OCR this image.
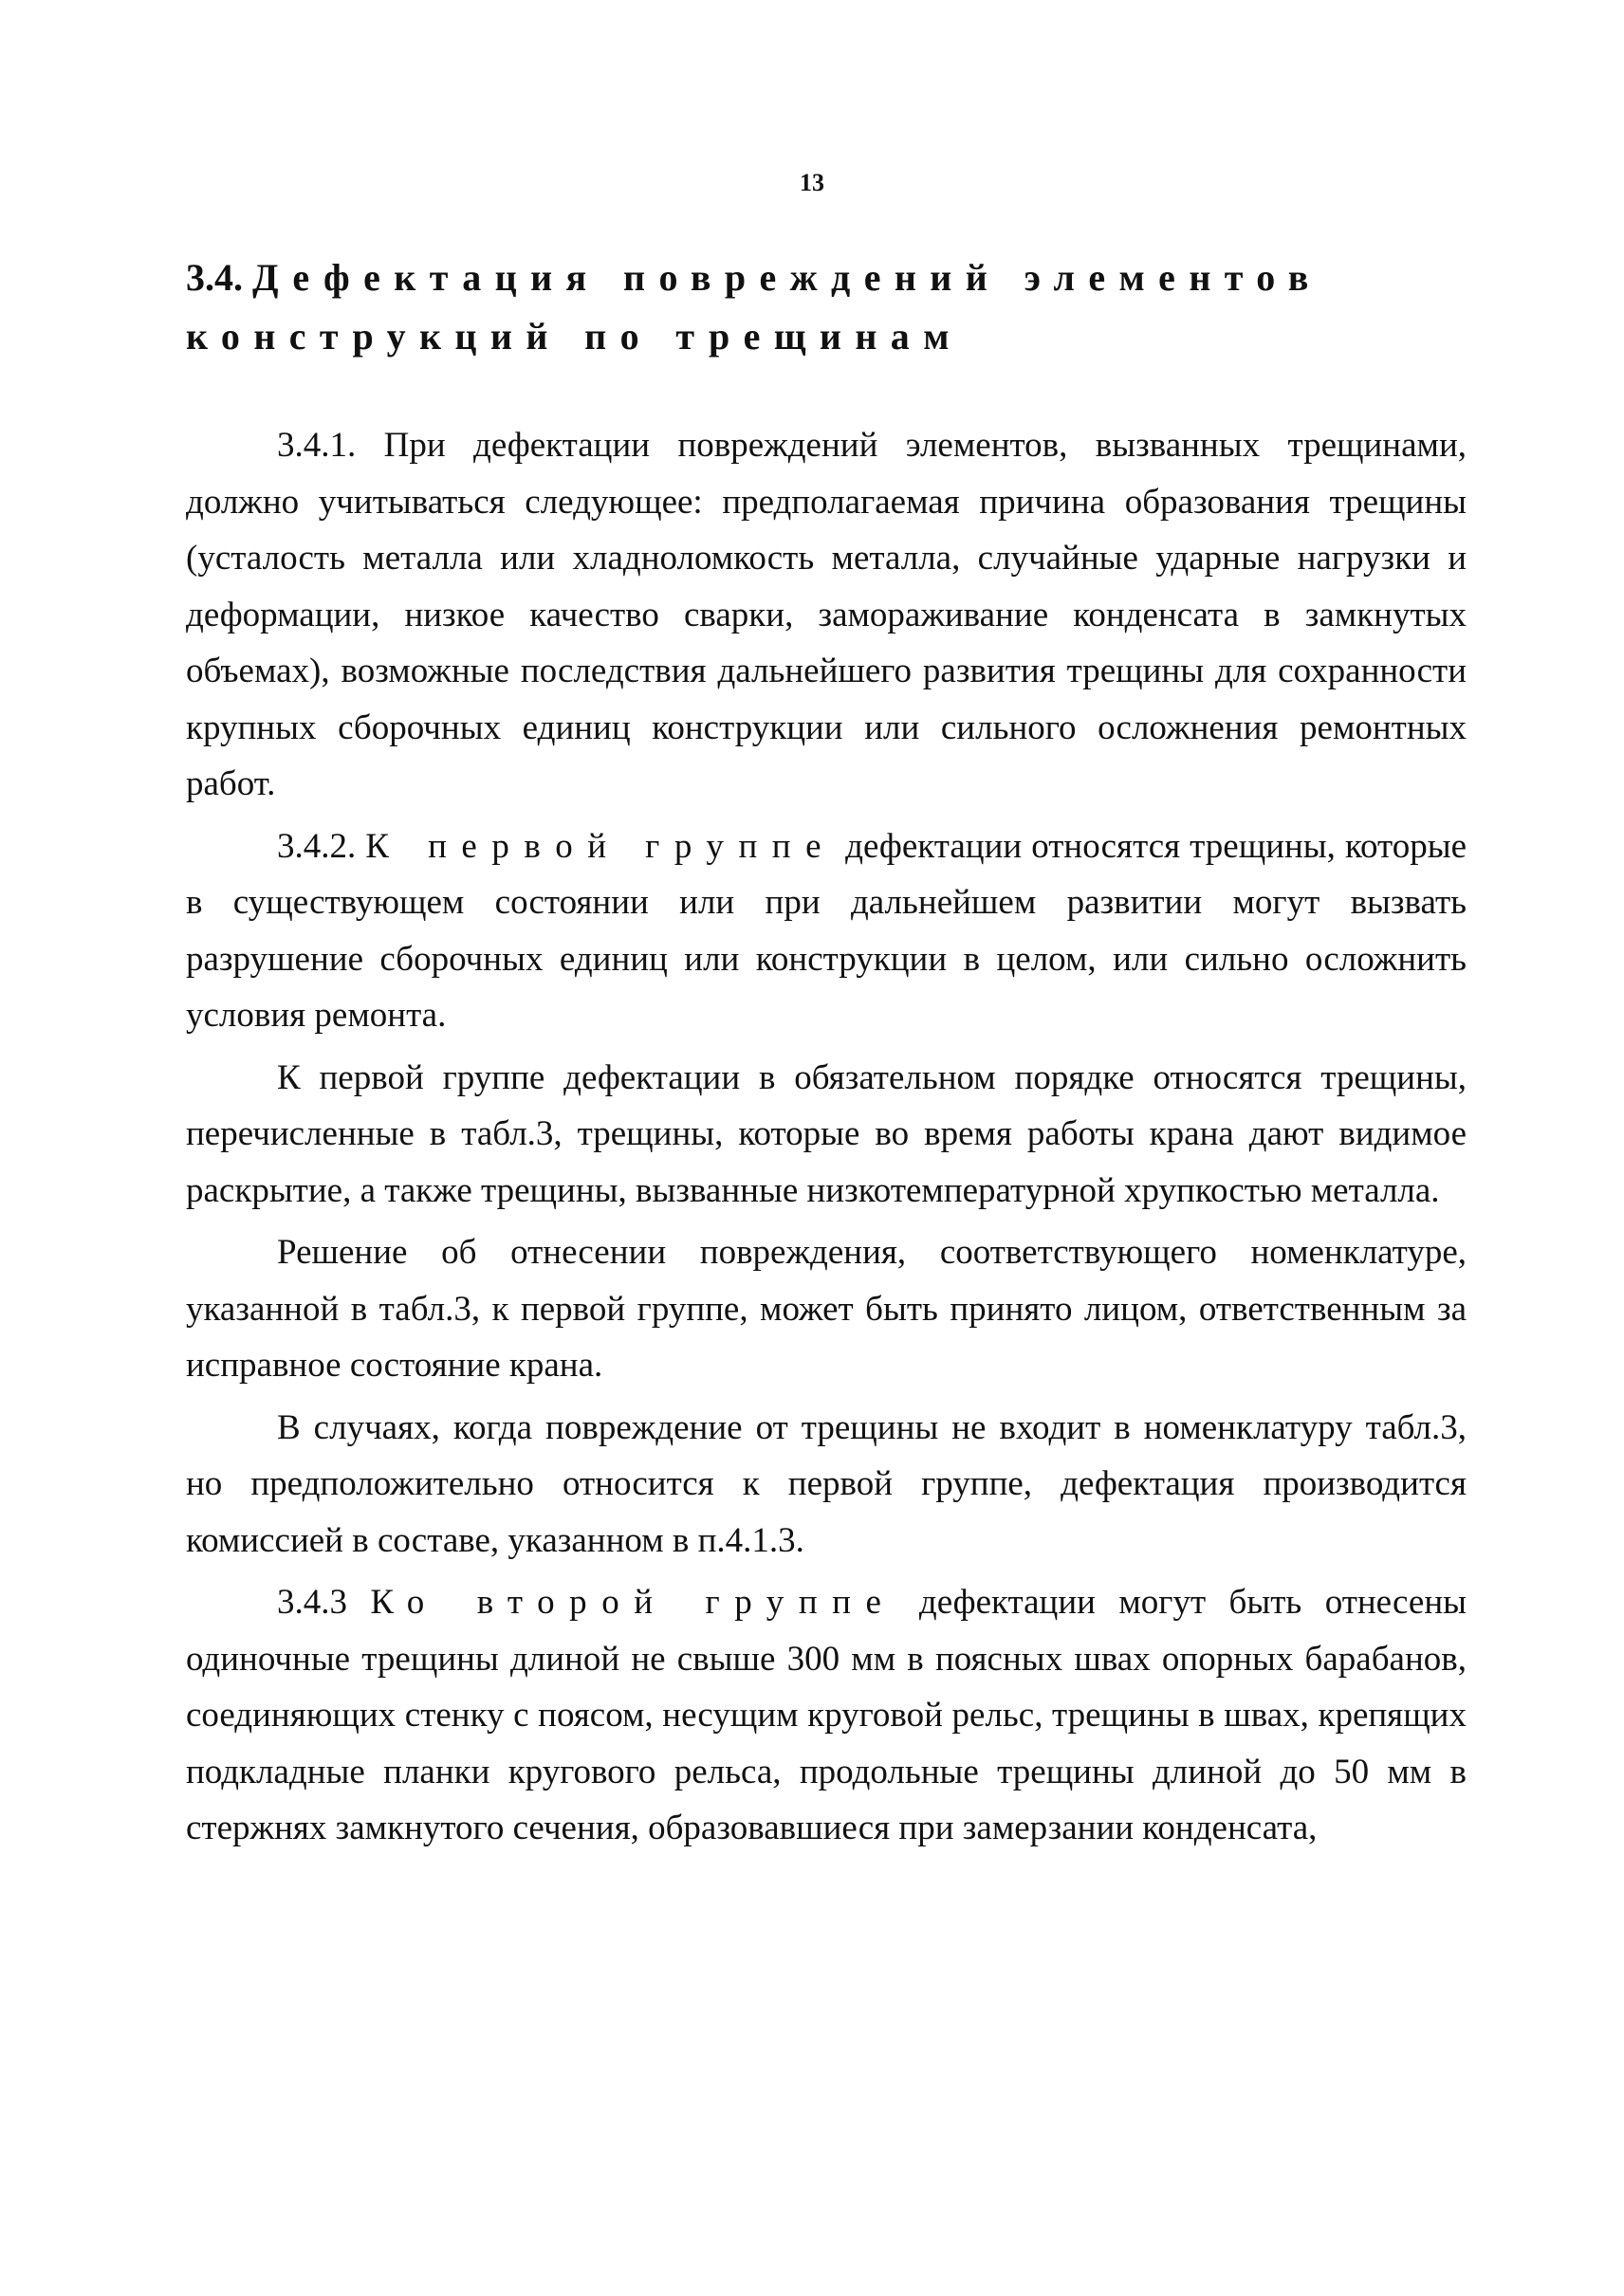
13
3.4. Дефектация повреждений элементов конструкций по трещинам

3.4.1. При дефектации повреждений элементов, вызванных трещинами, должно учитываться следующее: предполагаемая причина образования трещины (усталость металла или хладноломкость металла, случайные ударные нагрузки и деформации, низкое качество сварки, замораживание конденсата в замкнутых объемах), возможные последствия дальнейшего развития трещины для сохранности крупных сборочных единиц конструкции или сильного осложнения ремонтных работ.

3.4.2. К первой группе дефектации относятся трещины, которые в существующем состоянии или при дальнейшем развитии могут вызвать разрушение сборочных единиц или конструкции в целом, или сильно осложнить условия ремонта.

К первой группе дефектации в обязательном порядке относятся трещины, перечисленные в табл.3, трещины, которые во время работы крана дают видимое раскрытие, а также трещины, вызванные низкотемпературной хрупкостью металла.

Решение об отнесении повреждения, соответствующего номенклатуре, указанной в табл.3, к первой группе, может быть принято лицом, ответственным за исправное состояние крана.

В случаях, когда повреждение от трещины не входит в номенклатуру табл.3, но предположительно относится к первой группе, дефектация производится комиссией в составе, указанном в п.4.1.3.

3.4.3 Ко второй группе дефектации могут быть отнесены одиночные трещины длиной не свыше 300 мм в поясных швах опорных барабанов, соединяющих стенку с поясом, несущим круговой рельс, трещины в швах, крепящих подкладные планки кругового рельса, продольные трещины длиной до 50 мм в стержнях замкнутого сечения, образовавшиеся при замерзании конденсата,
